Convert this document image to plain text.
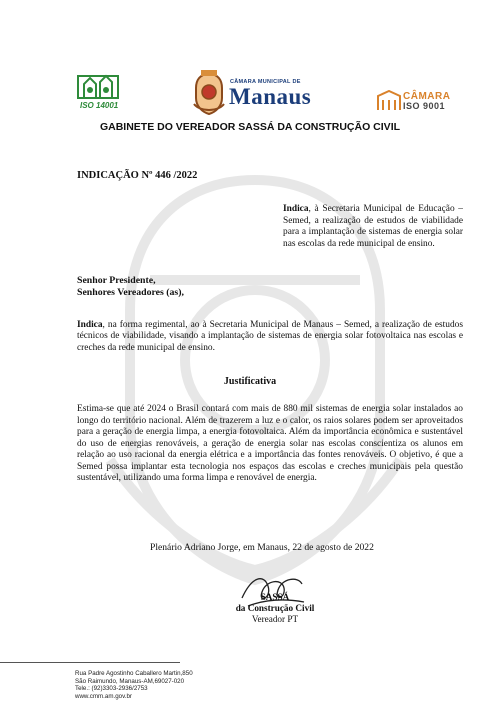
ISO 14001
CÂMARA MUNICIPAL DE
Manaus	CÂMARA
ISO 9001
GABINETE DO VEREADOR SASSÁ DA CONSTRUÇÃO CIVIL
INDICAÇÃO Nº 446 /2022
Indica, à Secretaria Municipal de Educação – Semed, a realização de estudos de viabilidade para a implantação de sistemas de energia solar nas escolas da rede municipal de ensino.
Senhor Presidente,
Senhores Vereadores (as),
Indica, na forma regimental, ao à Secretaria Municipal de Manaus – Semed, a realização de estudos técnicos de viabilidade, visando a implantação de sistemas de energia solar fotovoltaica nas escolas e creches da rede municipal de ensino.
Justificativa
Estima-se que até 2024 o Brasil contará com mais de 880 mil sistemas de energia solar instalados ao longo do território nacional. Além de trazerem a luz e o calor, os raios solares podem ser aproveitados para a geração de energia limpa, a energia fotovoltaica. Além da importância econômica e sustentável do uso de energias renováveis, a geração de energia solar nas escolas conscientiza os alunos em relação ao uso racional da energia elétrica e a importância das fontes renováveis. O objetivo, é que a Semed possa implantar esta tecnologia nos espaços das escolas e creches municipais pela questão sustentável, utilizando uma forma limpa e renovável de energia.
Plenário Adriano Jorge, em Manaus, 22 de agosto de 2022
SASSÁ
da Construção Civil
Vereador PT
Rua Padre Agostinho Caballero Martin,850
São Raimundo, Manaus-AM,69027-020
Tele.: (92)3303-2936/2753
www.cmm.am.gov.br
